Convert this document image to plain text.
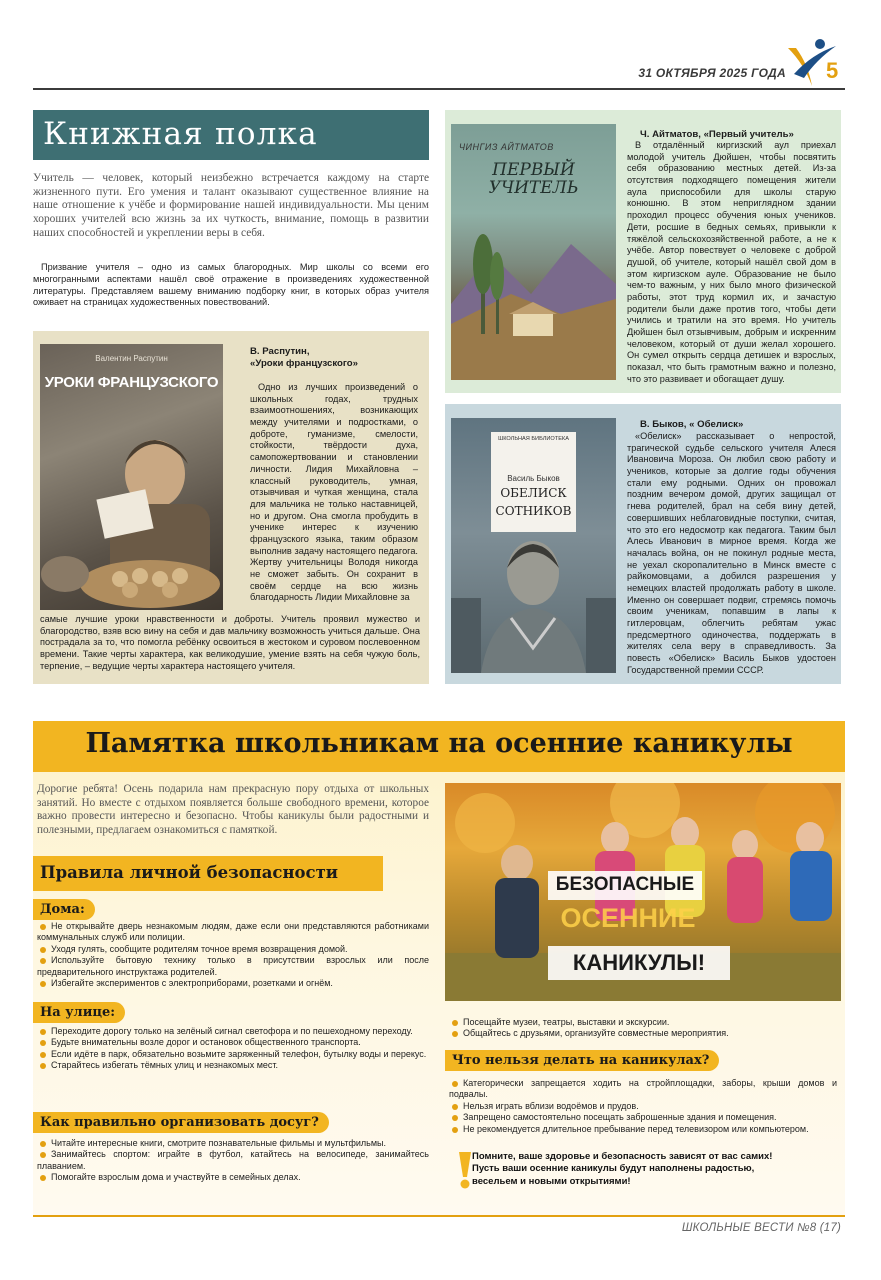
31 ОКТЯБРЯ 2025 ГОДА 5
Книжная полка
Учитель — человек, который неизбежно встречается каждому на старте жизненного пути. Его умения и талант оказывают существенное влияние на наше отношение к учёбе и формирование нашей индивидуальности. Мы ценим хороших учителей всю жизнь за их чуткость, внимание, помощь в развитии наших способностей и укреплении веры в себя.
Призвание учителя – одно из самых благородных. Мир школы со всеми его многогранными аспектами нашёл своё отражение в произведениях художественной литературы. Представляем вашему вниманию подборку книг, в которых образ учителя оживает на страницах художественных повествований.
Валентин Распутин
УРОКИ ФРАНЦУЗСКОГО
В. Распутин,
«Уроки французского»
Одно из лучших произведений о школьных годах, трудных взаимоотношениях, возникающих между учителями и подростками, о доброте, гуманизме, смелости, стойкости, твёрдости духа, самопожертвовании и становлении личности. Лидия Михайловна – классный руководитель, умная, отзывчивая и чуткая женщина, стала для мальчика не только наставницей, но и другом. Она смогла пробудить в ученике интерес к изучению французского языка, таким образом выполнив задачу настоящего педагога. Жертву учительницы Володя никогда не сможет забыть. Он сохранит в своём сердце на всю жизнь благодарность Лидии Михайловне за
самые лучшие уроки нравственности и доброты. Учитель проявил мужество и благородство, взяв всю вину на себя и дав мальчику возможность учиться дальше. Она пострадала за то, что помогла ребёнку освоиться в жестоком и суровом послевоенном времени. Такие черты характера, как великодушие, умение взять на себя чужую боль, терпение, – ведущие черты характера настоящего учителя.
ЧИНГИЗ АЙТМАТОВ
ПЕРВЫЙ
УЧИТЕЛЬ
Ч. Айтматов, «Первый учитель»
В отдалённый киргизский аул приехал молодой учитель Дюйшен, чтобы посвятить себя образованию местных детей. Из-за отсутствия подходящего помещения жители аула приспособили для школы старую конюшню. В этом неприглядном здании проходил процесс обучения юных учеников. Дети, росшие в бедных семьях, привыкли к тяжёлой сельскохозяйственной работе, а не к учёбе. Автор повествует о человеке с доброй душой, об учителе, который нашёл свой дом в этом киргизском ауле. Образование не было чем-то важным, у них было много физической работы, этот труд кормил их, и зачастую родители были даже против того, чтобы дети учились и тратили на это время. Но учитель Дюйшен был отзывчивым, добрым и искренним человеком, который от души желал хорошего. Он сумел открыть сердца детишек и взрослых, показал, что быть грамотным важно и полезно, что это развивает и обогащает душу.
ШКОЛЬНАЯ БИБЛИОТЕКА
Василь Быков
ОБЕЛИСК
СОТНИКОВ
В. Быков, « Обелиск»
«Обелиск» рассказывает о непростой, трагической судьбе сельского учителя Алеся Ивановича Мороза. Он любил свою работу и учеников, которые за долгие годы обучения стали ему родными. Одних он провожал поздним вечером домой, других защищал от гнева родителей, брал на себя вину детей, совершивших неблаговидные поступки, считая, что это его недосмотр как педагога. Таким был Алесь Иванович в мирное время. Когда же началась война, он не покинул родные места, не уехал скоропалительно в Минск вместе с райкомовцами, а добился разрешения у немецких властей продолжать работу в школе. Именно он совершает подвиг, стремясь помочь своим ученикам, попавшим в лапы к гитлеровцам, облегчить ребятам ужас предсмертного одиночества, поддержать в жителях села веру в справедливость. За повесть «Обелиск» Василь Быков удостоен Государственной премии СССР.
Памятка школьникам на осенние каникулы
Дорогие ребята! Осень подарила нам прекрасную пору отдыха от школьных занятий. Но вместе с отдыхом появляется больше свободного времени, которое важно провести интересно и безопасно. Чтобы каникулы были радостными и полезными, предлагаем ознакомиться с памяткой.
БЕЗОПАСНЫЕ
ОСЕННИЕ
КАНИКУЛЫ!
Правила личной безопасности
Дома:

Не открывайте дверь незнакомым людям, даже если они представляются работниками коммунальных служб или полиции.

Уходя гулять, сообщите родителям точное время возвращения домой.

Используйте бытовую технику только в присутствии взрослых или после предварительного инструктажа родителей.

Избегайте экспериментов с электроприборами, розетками и огнём.

На улице:

Переходите дорогу только на зелёный сигнал светофора и по пешеходному переходу.

Будьте внимательны возле дорог и остановок общественного транспорта.

Если идёте в парк, обязательно возьмите заряженный телефон, бутылку воды и перекус.

Старайтесь избегать тёмных улиц и незнакомых мест.

Как правильно организовать досуг?

Читайте интересные книги, смотрите познавательные фильмы и мультфильмы.

Занимайтесь спортом: играйте в футбол, катайтесь на велосипеде, занимайтесь плаванием.

Помогайте взрослым дома и участвуйте в семейных делах.

Посещайте музеи, театры, выставки и экскурсии.

Общайтесь с друзьями, организуйте совместные мероприятия.

Что нельзя делать на каникулах?

Категорически запрещается ходить на стройплощадки, заборы, крыши домов и подвалы.

Нельзя играть вблизи водоёмов и прудов.

Запрещено самостоятельно посещать заброшенные здания и помещения.

Не рекомендуется длительное пребывание перед телевизором или компьютером.

Помните, ваше здоровье и безопасность зависят от вас самих!
Пусть ваши осенние каникулы будут наполнены радостью,
весельем и новыми открытиями!
ШКОЛЬНЫЕ ВЕСТИ №8 (17)
